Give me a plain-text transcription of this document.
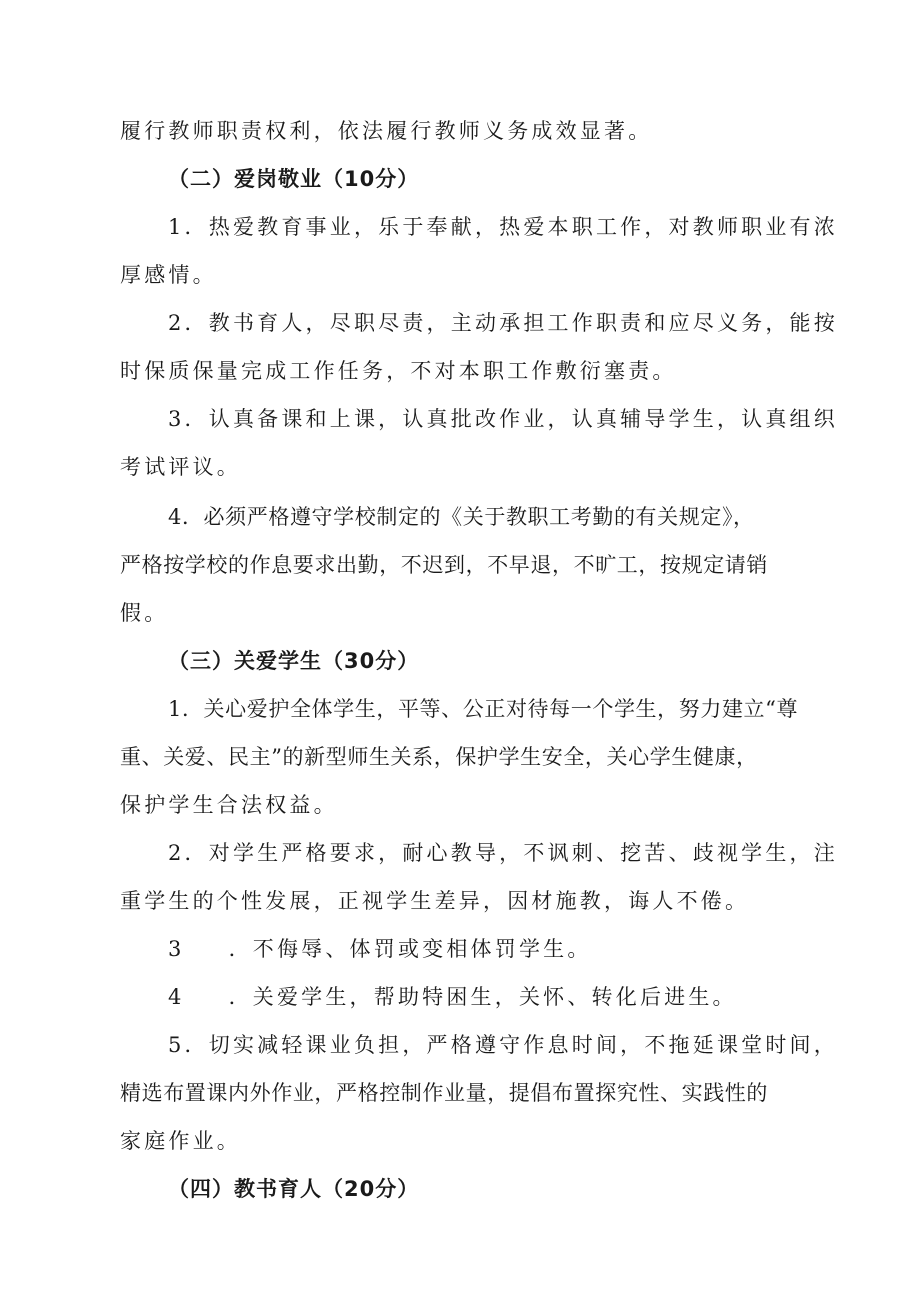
履行教师职责权利，依法履行教师义务成效显著。
（二）爱岗敬业（10分）
1．热爱教育事业，乐于奉献，热爱本职工作，对教师职业有浓
厚感情。
2．教书育人，尽职尽责，主动承担工作职责和应尽义务，能按
时保质保量完成工作任务，不对本职工作敷衍塞责。
3．认真备课和上课，认真批改作业，认真辅导学生，认真组织
考试评议。
4．必须严格遵守学校制定的《关于教职工考勤的有关规定》，
严格按学校的作息要求出勤，不迟到，不早退，不旷工，按规定请销
假。
（三）关爱学生（30分）
1．关心爱护全体学生，平等、公正对待每一个学生，努力建立“尊
重、关爱、民主”的新型师生关系，保护学生安全，关心学生健康，
保护学生合法权益。
2．对学生严格要求，耐心教导，不讽刺、挖苦、歧视学生，注
重学生的个性发展，正视学生差异，因材施教，诲人不倦。
3 ．不侮辱、体罚或变相体罚学生。
4 ．关爱学生，帮助特困生，关怀、转化后进生。
5．切实减轻课业负担，严格遵守作息时间，不拖延课堂时间，
精选布置课内外作业，严格控制作业量，提倡布置探究性、实践性的
家庭作业。
（四）教书育人（20分）
